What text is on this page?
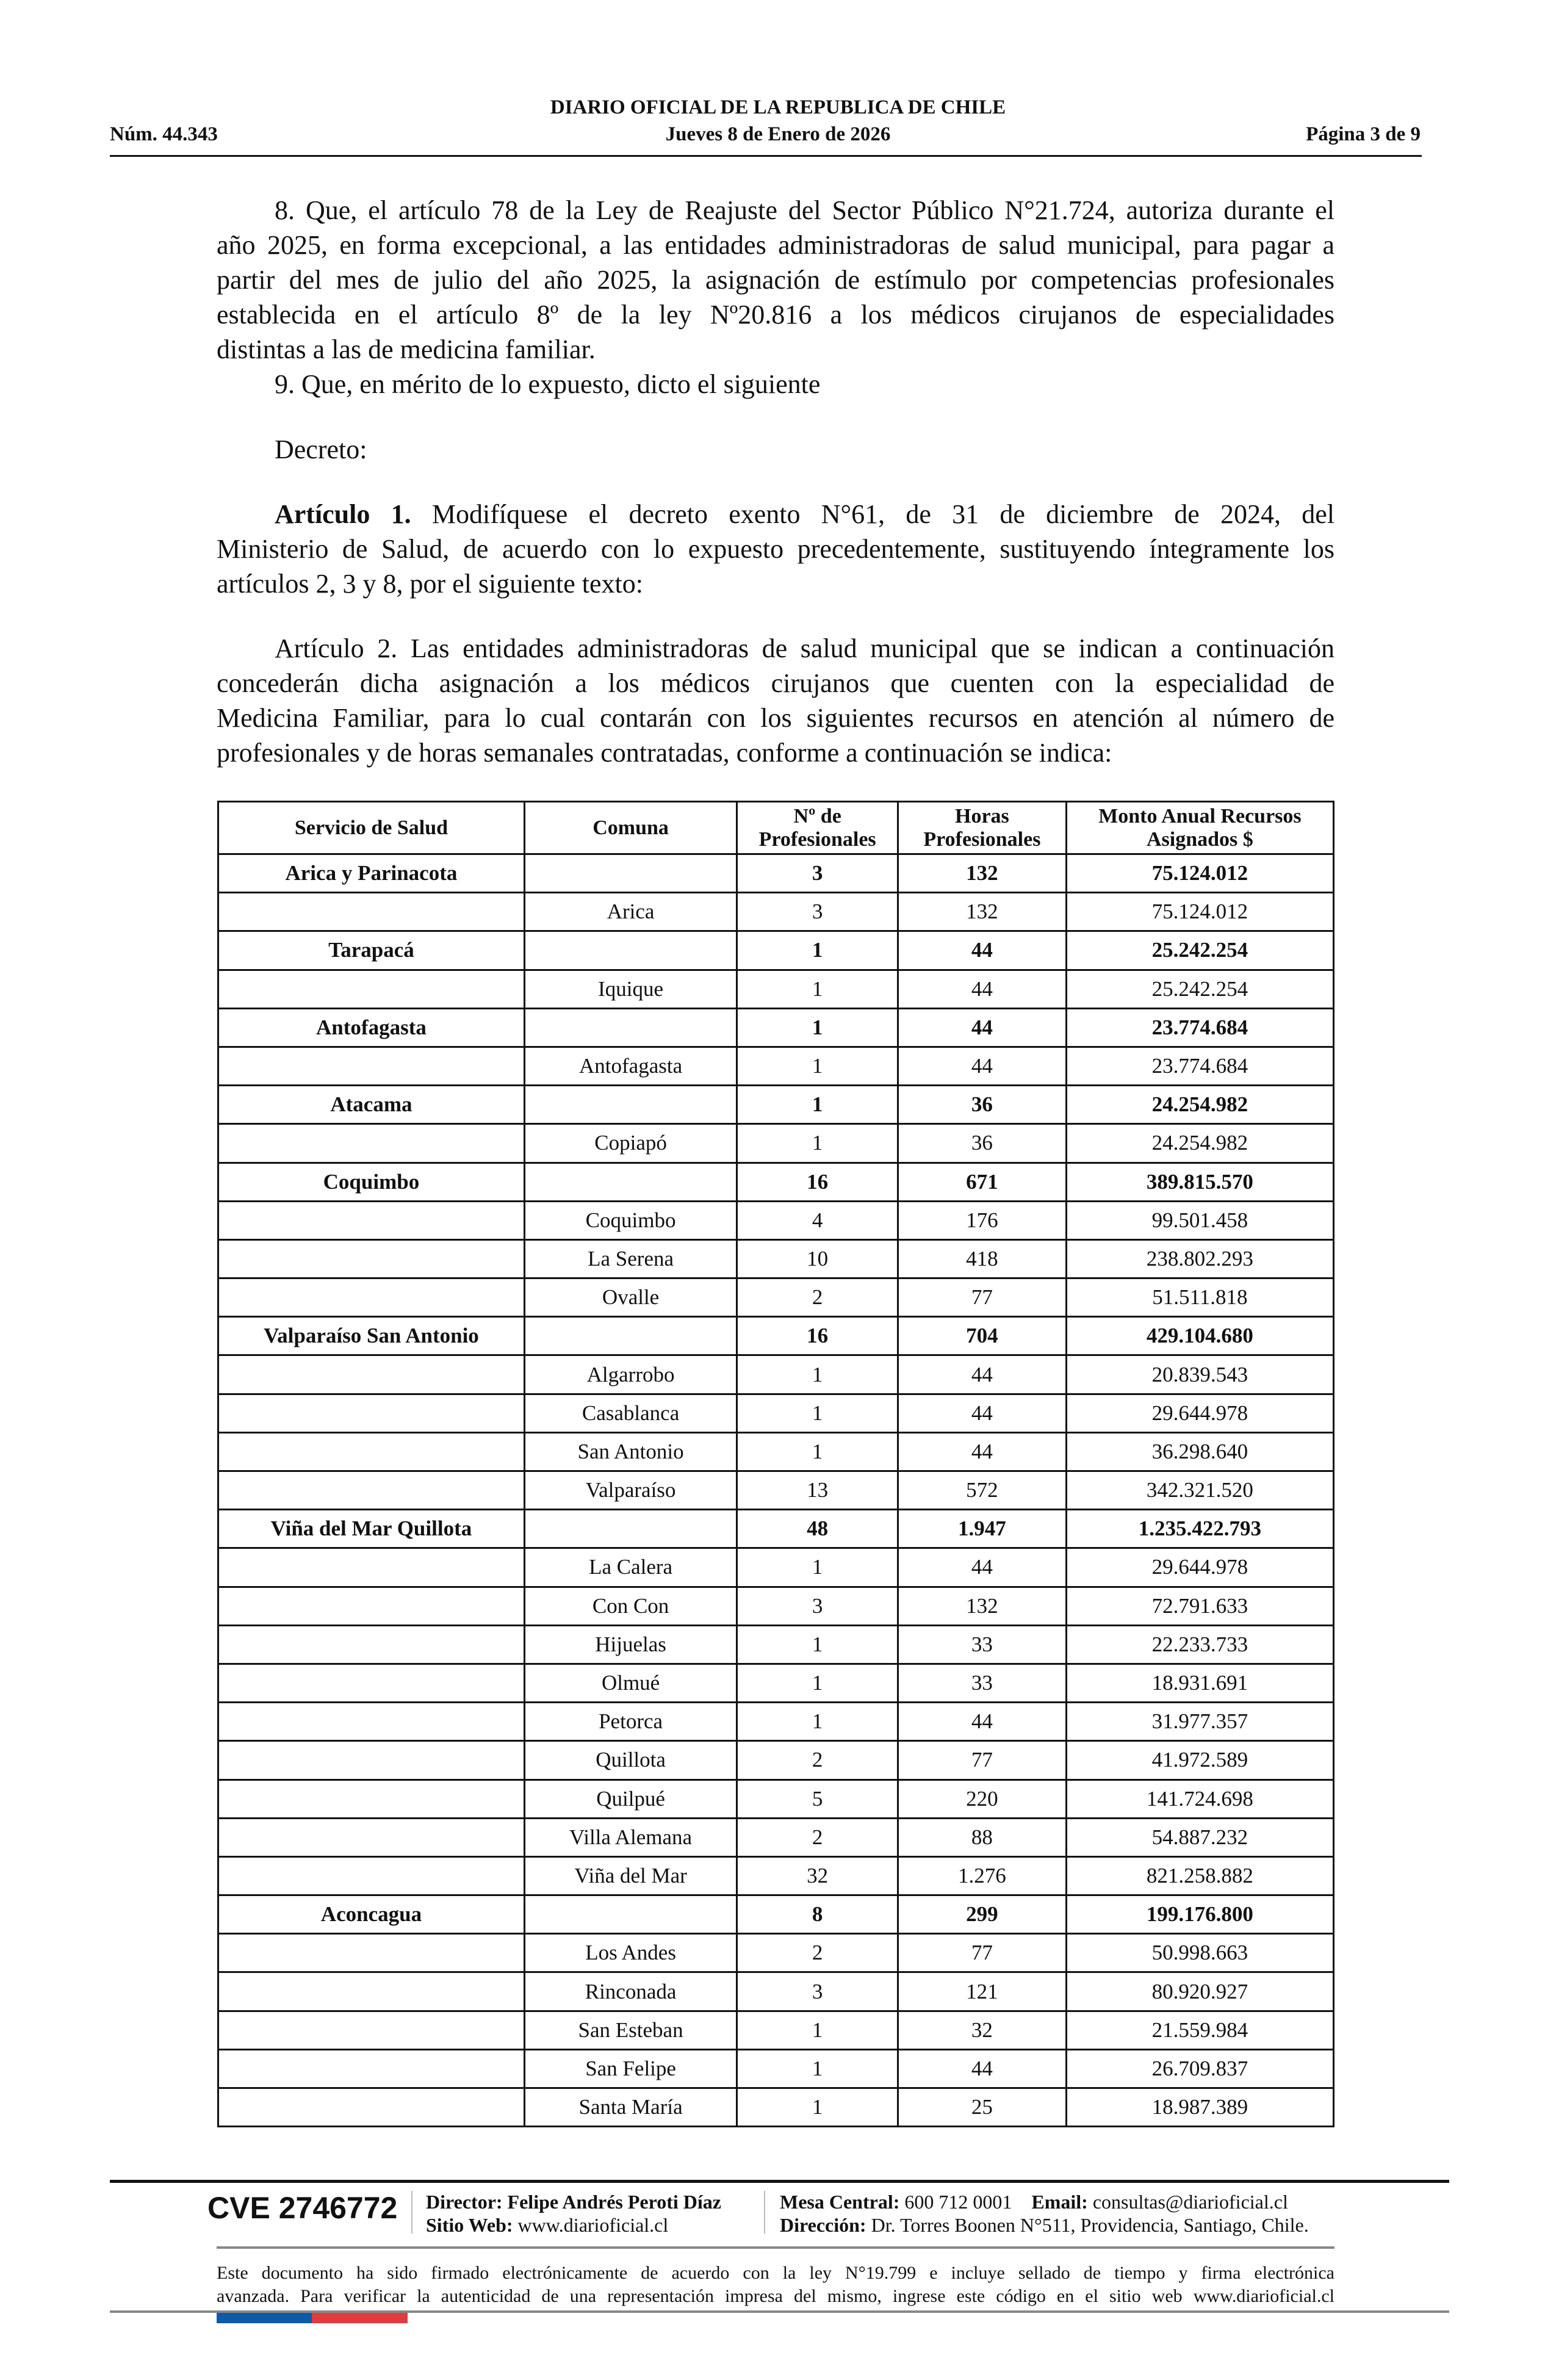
DIARIO OFICIAL DE LA REPUBLICA DE CHILE
Núm. 44.343	Jueves 8 de Enero de 2026	Página 3 de 9
8. Que, el artículo 78 de la Ley de Reajuste del Sector Público N°21.724, autoriza durante el
año 2025, en forma excepcional, a las entidades administradoras de salud municipal, para pagar a
partir del mes de julio del año 2025, la asignación de estímulo por competencias profesionales
establecida en el artículo 8º de la ley Nº20.816 a los médicos cirujanos de especialidades
distintas a las de medicina familiar.
9. Que, en mérito de lo expuesto, dicto el siguiente
Decreto:
Artículo 1. Modifíquese el decreto exento N°61, de 31 de diciembre de 2024, del
Ministerio de Salud, de acuerdo con lo expuesto precedentemente, sustituyendo íntegramente los
artículos 2, 3 y 8, por el siguiente texto:
Artículo 2. Las entidades administradoras de salud municipal que se indican a continuación
concederán dicha asignación a los médicos cirujanos que cuenten con la especialidad de
Medicina Familiar, para lo cual contarán con los siguientes recursos en atención al número de
profesionales y de horas semanales contratadas, conforme a continuación se indica:
Servicio de Salud	Comuna	Nº de Profesionales	Horas Profesionales	Monto Anual Recursos Asignados $
Arica y Parinacota		3	132	75.124.012
	Arica	3	132	75.124.012
Tarapacá		1	44	25.242.254
	Iquique	1	44	25.242.254
Antofagasta		1	44	23.774.684
	Antofagasta	1	44	23.774.684
Atacama		1	36	24.254.982
	Copiapó	1	36	24.254.982
Coquimbo		16	671	389.815.570
	Coquimbo	4	176	99.501.458
	La Serena	10	418	238.802.293
	Ovalle	2	77	51.511.818
Valparaíso San Antonio		16	704	429.104.680
	Algarrobo	1	44	20.839.543
	Casablanca	1	44	29.644.978
	San Antonio	1	44	36.298.640
	Valparaíso	13	572	342.321.520
Viña del Mar Quillota		48	1.947	1.235.422.793
	La Calera	1	44	29.644.978
	Con Con	3	132	72.791.633
	Hijuelas	1	33	22.233.733
	Olmué	1	33	18.931.691
	Petorca	1	44	31.977.357
	Quillota	2	77	41.972.589
	Quilpué	5	220	141.724.698
	Villa Alemana	2	88	54.887.232
	Viña del Mar	32	1.276	821.258.882
Aconcagua		8	299	199.176.800
	Los Andes	2	77	50.998.663
	Rinconada	3	121	80.920.927
	San Esteban	1	32	21.559.984
	San Felipe	1	44	26.709.837
	Santa María	1	25	18.987.389
CVE 2746772 Director: Felipe Andrés Peroti Díaz
Sitio Web: www.diarioficial.cl
Mesa Central: 600 712 0001 Email: consultas@diarioficial.cl
Dirección: Dr. Torres Boonen N°511, Providencia, Santiago, Chile.
Este documento ha sido firmado electrónicamente de acuerdo con la ley N°19.799 e incluye sellado de tiempo y firma electrónica
avanzada. Para verificar la autenticidad de una representación impresa del mismo, ingrese este código en el sitio web www.diarioficial.cl
